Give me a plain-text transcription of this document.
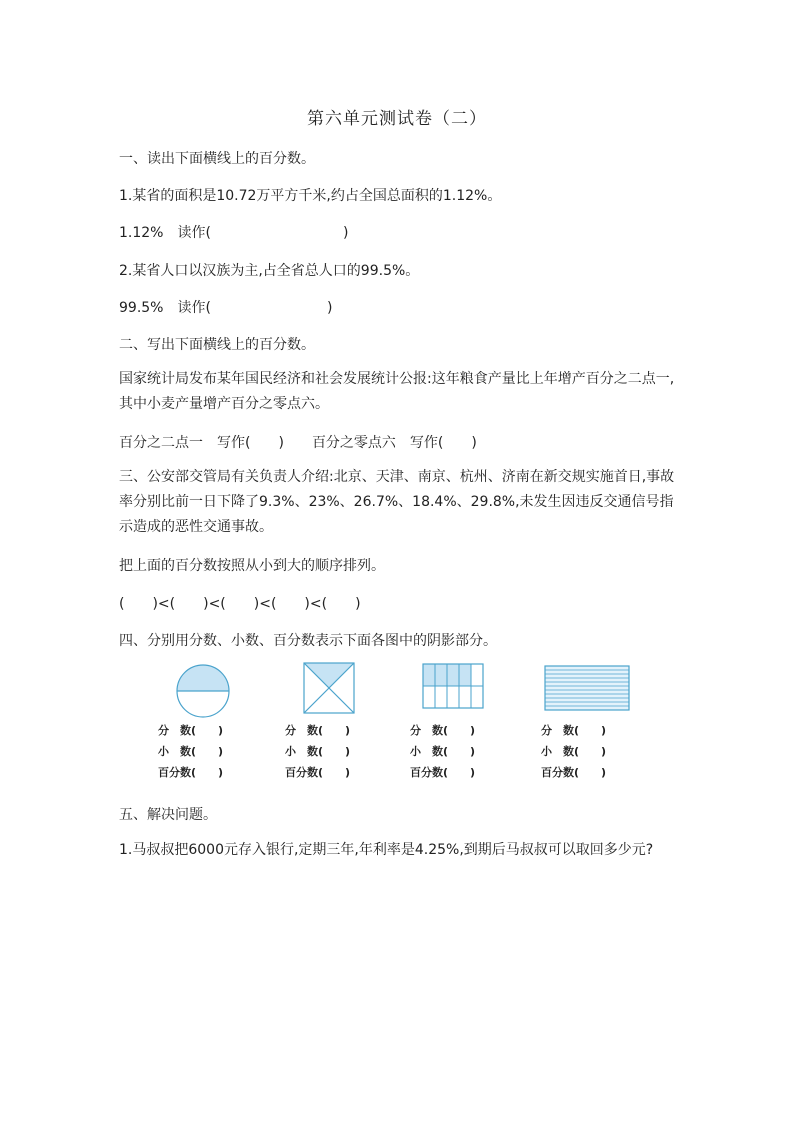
第六单元测试卷（二）
一、读出下面横线上的百分数。
1.某省的面积是10.72万平方千米,约占全国总面积的1.12%。
1.12%　读作(	)
2.某省人口以汉族为主,占全省总人口的99.5%。
99.5%　读作(	)
二、写出下面横线上的百分数。
国家统计局发布某年国民经济和社会发展统计公报:这年粮食产量比上年增产百分之二点一,其中小麦产量增产百分之零点六。
百分之二点一　写作(　　) 百分之零点六　写作(　　)
三、公安部交管局有关负责人介绍:北京、天津、南京、杭州、济南在新交规实施首日,事故率分别比前一日下降了9.3%、23%、26.7%、18.4%、29.8%,未发生因违反交通信号指示造成的恶性交通事故。
把上面的百分数按照从小到大的顺序排列。
(　　)<(　　)<(　　)<(　　)<(　　)
四、分别用分数、小数、百分数表示下面各图中的阴影部分。
分　数(　　)
小　数(　　)
百分数(　　)
分　数(　　)
小　数(　　)
百分数(　　)
分　数(　　)
小　数(　　)
百分数(　　)
分　数(　　)
小　数(　　)
百分数(　　)
五、解决问题。
1.马叔叔把6000元存入银行,定期三年,年利率是4.25%,到期后马叔叔可以取回多少元?
